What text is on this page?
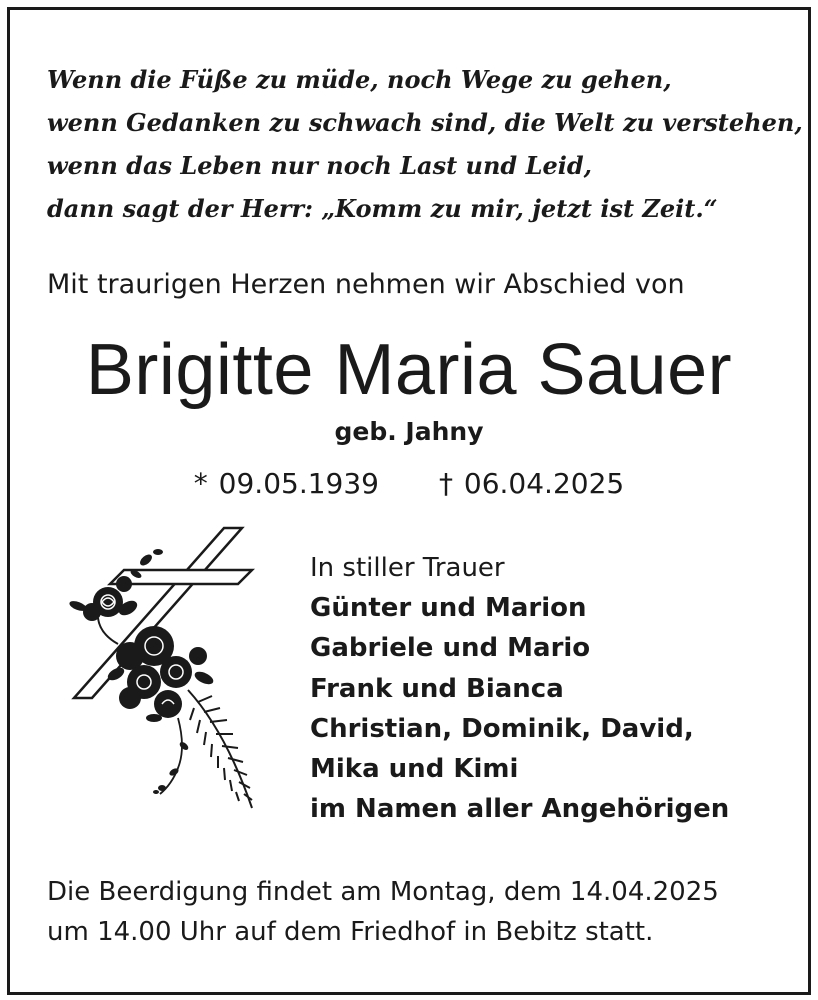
Wenn die Füße zu müde, noch Wege zu gehen,
wenn Gedanken zu schwach sind, die Welt zu verstehen,
wenn das Leben nur noch Last und Leid,
dann sagt der Herr: „Komm zu mir, jetzt ist Zeit.“
Mit traurigen Herzen nehmen wir Abschied von
Brigitte Maria Sauer
geb. Jahny
* 09.05.1939 † 06.04.2025
In stiller Trauer
Günter und Marion
Gabriele und Mario
Frank und Bianca
Christian, Dominik, David,
Mika und Kimi
im Namen aller Angehörigen
Die Beerdigung findet am Montag, dem 14.04.2025
um 14.00 Uhr auf dem Friedhof in Bebitz statt.
